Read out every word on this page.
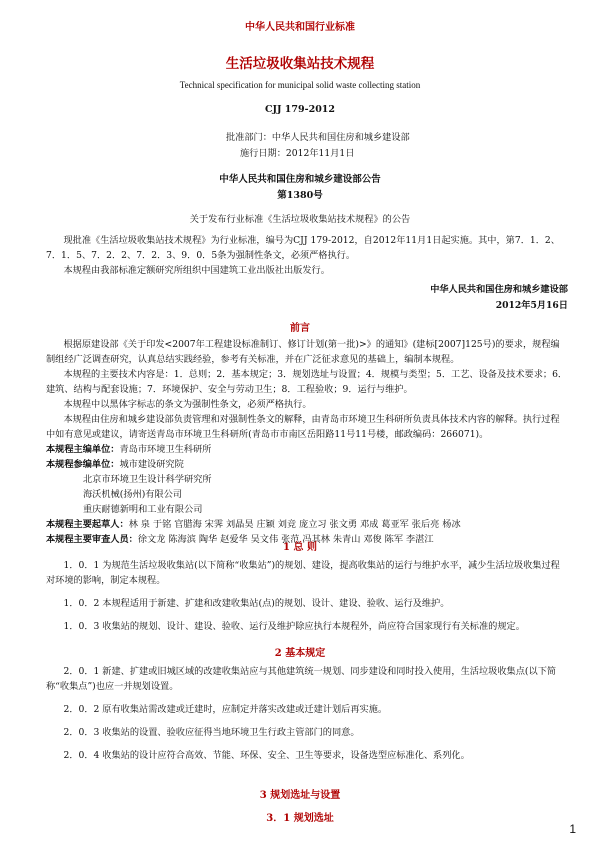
中华人民共和国行业标准
生活垃圾收集站技术规程
Technical specification for municipal solid waste collecting station
CJJ 179-2012
批准部门：中华人民共和国住房和城乡建设部
施行日期：2012年11月1日
中华人民共和国住房和城乡建设部公告
第1380号
关于发布行业标准《生活垃圾收集站技术规程》的公告

现批准《生活垃圾收集站技术规程》为行业标准，编号为CJJ 179-2012，自2012年11月1日起实施。其中，第7．1．2、7．1．5、7．2．2、7．2．3、9．0．5条为强制性条文，必须严格执行。

本规程由我部标准定额研究所组织中国建筑工业出版社出版发行。

中华人民共和国住房和城乡建设部
2012年5月16日
前言

根据原建设部《关于印发<2007年工程建设标准制订、修订计划(第一批)>》的通知》(建标[2007]125号)的要求，规程编制组经广泛调查研究，认真总结实践经验，参考有关标准，并在广泛征求意见的基础上，编制本规程。

本规程的主要技术内容是：1．总则；2．基本规定；3．规划选址与设置；4．规模与类型；5．工艺、设备及技术要求；6．建筑、结构与配套设施；7．环境保护、安全与劳动卫生；8．工程验收；9．运行与维护。

本规程中以黑体字标志的条文为强制性条文，必须严格执行。

本规程由住房和城乡建设部负责管理和对强制性条文的解释，由青岛市环境卫生科研所负责具体技术内容的解释。执行过程中如有意见或建议，请寄送青岛市环境卫生科研所(青岛市市南区岳阳路11号11号楼，邮政编码：266071)。

本规程主编单位：青岛市环境卫生科研所

本规程参编单位：城市建设研究院

北京市环境卫生设计科学研究所

海沃机械(扬州)有限公司

重庆耐德新明和工业有限公司

本规程主要起草人：林 泉 于铭 官腊海 宋霁 刘晶昊 庄颖 刘竞 庞立习 张文勇 邓成 葛亚军 张后亮 杨冰

本规程主要审查人员：徐文龙 陈海滨 陶华 赵爱华 吴文伟 张范 冯其林 朱青山 邓俊 陈军 李湛江

1 总 则

1．0．1 为规范生活垃圾收集站(以下简称“收集站”)的规划、建设，提高收集站的运行与维护水平，减少生活垃圾收集过程对环境的影响，制定本规程。

1．0．2 本规程适用于新建、扩建和改建收集站(点)的规划、设计、建设、验收、运行及维护。

1．0．3 收集站的规划、设计、建设、验收、运行及维护除应执行本规程外，尚应符合国家现行有关标准的规定。

2 基本规定

2．0．1 新建、扩建或旧城区域的改建收集站应与其他建筑统一规划、同步建设和同时投入使用，生活垃圾收集点(以下简称“收集点”)也应一并规划设置。

2．0．2 原有收集站需改建或迁建时，应制定并落实改建或迁建计划后再实施。

2．0．3 收集站的设置、验收应征得当地环境卫生行政主管部门的同意。

2．0．4 收集站的设计应符合高效、节能、环保、安全、卫生等要求，设备选型应标准化、系列化。

3 规划选址与设置
3．1 规划选址
1
